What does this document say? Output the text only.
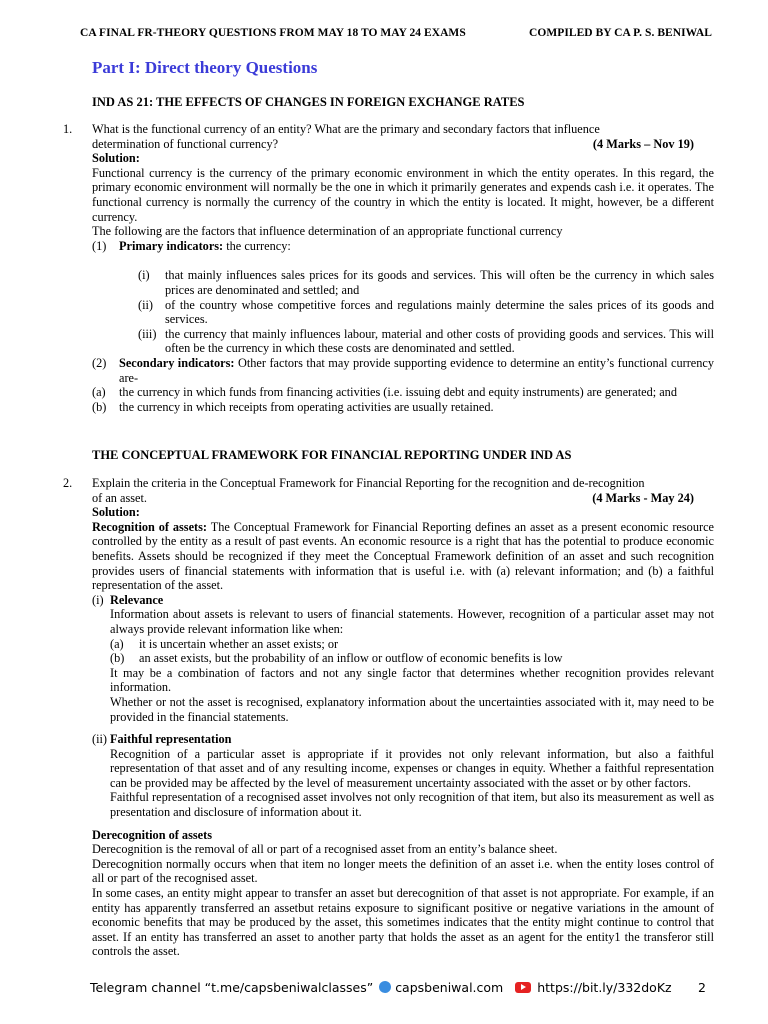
CA FINAL FR-THEORY QUESTIONS FROM MAY 18 TO MAY 24 EXAMS	COMPILED BY CA P. S. BENIWAL
Part I: Direct theory Questions
IND AS 21: THE EFFECTS OF CHANGES IN FOREIGN EXCHANGE RATES
1. What is the functional currency of an entity? What are the primary and secondary factors that influence

determination of functional currency?	(4 Marks – Nov 19)

Solution:

Functional currency is the currency of the primary economic environment in which the entity operates. In this regard, the primary economic environment will normally be the one in which it primarily generates and expends cash i.e. it operates. The functional currency is normally the currency of the country in which the entity is located. It might, however, be a different currency.

The following are the factors that influence determination of an appropriate functional currency

(1)	Primary indicators: the currency:
(i)	that mainly influences sales prices for its goods and services. This will often be the currency in which sales prices are denominated and settled; and
(ii) of the country whose competitive forces and regulations mainly determine the sales prices of its goods and services.
(iii) the currency that mainly influences labour, material and other costs of providing goods and services. This will often be the currency in which these costs are denominated and settled.
(2)	Secondary indicators: Other factors that may provide supporting evidence to determine an entity’s functional currency are-
(a)	the currency in which funds from financing activities (i.e. issuing debt and equity instruments) are generated; and
(b)	the currency in which receipts from operating activities are usually retained.
THE CONCEPTUAL FRAMEWORK FOR FINANCIAL REPORTING UNDER IND AS
2. Explain the criteria in the Conceptual Framework for Financial Reporting for the recognition and de-recognition

of an asset.	(4 Marks - May 24)

Solution:

Recognition of assets: The Conceptual Framework for Financial Reporting defines an asset as a present economic resource controlled by the entity as a result of past events. An economic resource is a right that has the potential to produce economic benefits. Assets should be recognized if they meet the Conceptual Framework definition of an asset and such recognition provides users of financial statements with information that is useful i.e. with (a) relevant information; and (b) a faithful representation of the asset.

(i) Relevance

Information about assets is relevant to users of financial statements. However, recognition of a particular asset may not always provide relevant information like when:

(a)	it is uncertain whether an asset exists; or
(b)	an asset exists, but the probability of an inflow or outflow of economic benefits is low

It may be a combination of factors and not any single factor that determines whether recognition provides relevant information.

Whether or not the asset is recognised, explanatory information about the uncertainties associated with it, may need to be provided in the financial statements.

(ii) Faithful representation

Recognition of a particular asset is appropriate if it provides not only relevant information, but also a faithful representation of that asset and of any resulting income, expenses or changes in equity. Whether a faithful representation can be provided may be affected by the level of measurement uncertainty associated with the asset or by other factors.

Faithful representation of a recognised asset involves not only recognition of that item, but also its measurement as well as presentation and disclosure of information about it.

Derecognition of assets

Derecognition is the removal of all or part of a recognised asset from an entity’s balance sheet.

Derecognition normally occurs when that item no longer meets the definition of an asset i.e. when the entity loses control of all or part of the recognised asset.

In some cases, an entity might appear to transfer an asset but derecognition of that asset is not appropriate. For example, if an entity has apparently transferred an assetbut retains exposure to significant positive or negative variations in the amount of economic benefits that may be produced by the asset, this sometimes indicates that the entity might continue to control that asset. If an entity has transferred an asset to another party that holds the asset as an agent for the entity1 the transferor still controls the asset.

Telegram channel “t.me/capsbeniwalclasses” capsbeniwal.com	https://bit.ly/332doKz 2
